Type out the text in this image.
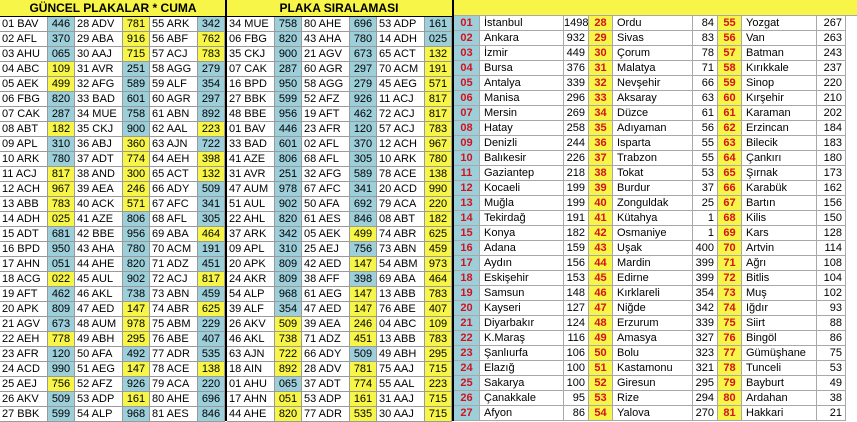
GÜNCEL PLAKALAR * CUMA	PLAKA SIRALAMASI
01 BAV	446 28 ADV	781 55 ARK	342 34 MUE 758 80 AHE	696 53 ADP	161
02 AFL	370 29 ABA	916 56 ABF	762 06 FBG	820 43 AHA	780 14 ADH	025
03 AHU	065 30 AAJ	715 57 ACJ	783 35 CKJ	900 21 AGV	673 65 ACT	132
04 ABC	109 31 AVR	251 58 AGG 279 07 CAK	287 60 AGR	297 70 ACM 191
05 AEK	499 32 AFG	589 59 ALF	354 16 BPD	950 58 AGG 279 45 AEG	571
06 FBG	820 33 BAD	601 60 AGR	297 27 BBK	599 52 AFZ	926 11 ACJ	817
07 CAK	287 34 MUE 758 61 ABN	892 48 BBE	956 19 AFT	462 72 ACJ	817
08 ABT	182 35 CKJ	900 62 AAL	223 01 BAV	446 23 AFR	120 57 ACJ	783
09 APL	310 36 ABJ	360 63 AJN	722 33 BAD	601 02 AFL	370 12 ACH	967
10 ARK	780 37 ADT	774 64 AEH	398 41 AZE	806 68 AFL	305 10 ARK	780
11 ACJ	817 38 AND	300 65 ACT	132 31 AVR	251 32 AFG	589 78 ACE	138
12 ACH	967 39 AEA	246 66 ADY	509 47 AUM 978 67 AFC	341 20 ACD	990
13 ABB	783 40 ACK	571 67 AFC	341 51 AUL	902 50 AFA	692 79 ACA	220
14 ADH	025 41 AZE	806 68 AFL	305 22 AHL	820 61 AES	846 08 ABT	182
15 ADT	681 42 BBE	956 69 ABA	464 37 ARK	342 05 AEK	499 74 ABR	625
16 BPD	950 43 AHA	780 70 ACM 191 09 APL	310 25 AEJ	756 73 ABN	459
17 AHN	051 44 AHE	820 71 ADZ	451 20 APK	809 42 AED	147 54 ABM	973
18 ACG	022 45 AUL	902 72 ACJ	817 24 AKR	809 38 AFF	398 69 ABA	464
19 AFT	462 46 AKL	738 73 ABN	459 54 ALP	968 61 AEG	147 13 ABB	783
20 APK	809 47 AED	147 74 ABR	625 39 ALF	354 47 AED	147 76 ABE	407
21 AGV	673 48 AUM 978 75 ABM	229 26 AKV	509 39 AEA	246 04 ABC	109
22 AEH	778 49 ABH	295 76 ABE	407 46 AKL	738 71 ADZ	451 13 ABB	783
23 AFR	120 50 AFA	492 77 ADR	535 63 AJN	722 66 ADY	509 49 ABH	295
24 ACD	990 51 AEG	147 78 ACE	138 18 AIN	892 28 ADV	781 75 AAJ	715
25 AEJ	756 52 AFZ	926 79 ACA	220 01 AHU	065 37 ADT	774 55 AAL	223
26 AKV	509 53 ADP	161 80 AHE	696 17 AHN	051 53 ADP	161 31 AAJ	715
27 BBK	599 54 ALP	968 81 AES	846 44 AHE	820 77 ADR	535 30 AAJ	715
01	İstanbul	1498 28 Ordu	84 55 Yozgat	267
02	Ankara	932 29 Sivas	83 56 Van	263
03	İzmir	449 30 Çorum	78 57 Batman	243
04	Bursa	376 31 Malatya	71 58 Kırıkkale	237
05	Antalya	339 32 Nevşehir	66 59 Sinop	220
06	Manisa	296 33 Aksaray	63 60 Kırşehir	210
07	Mersin	269 34 Düzce	61 61 Karaman	202
08	Hatay	258 35 Adıyaman	56 62 Erzincan	184
09	Denizli	244 36 Isparta	55 63 Bilecik	183
10	Balıkesir	226 37 Trabzon	55 64 Çankırı	180
11	Gaziantep	218 38 Tokat	53 65 Şırnak	173
12	Kocaeli	199 39 Burdur	37 66 Karabük	162
13	Muğla	199 40 Zonguldak	25 67 Bartın	156
14	Tekirdağ	191 41 Kütahya	1 68 Kilis	150
15	Konya	182 42 Osmaniye	1 69 Kars	128
16	Adana	159 43 Uşak	400 70 Artvin	114
17	Aydın	156 44 Mardin	399 71 Ağrı	108
18	Eskişehir	153 45 Edirne	399 72 Bitlis	104
19	Samsun	148 46 Kırklareli	354 73 Muş	102
20	Kayseri	127 47 Niğde	342 74 Iğdır	93
21	Diyarbakır	124 48 Erzurum	339 75 Siirt	88
22	K.Maraş	116 49 Amasya	327 76 Bingöl	86
23	Şanlıurfa	106 50 Bolu	323 77 Gümüşhane	75
24	Elazığ	100 51 Kastamonu	321 78 Tunceli	53
25	Sakarya	100 52 Giresun	295 79 Bayburt	49
26	Çanakkale	95 53 Rize	294 80 Ardahan	38
27	Afyon	86 54 Yalova	270 81 Hakkari	21
